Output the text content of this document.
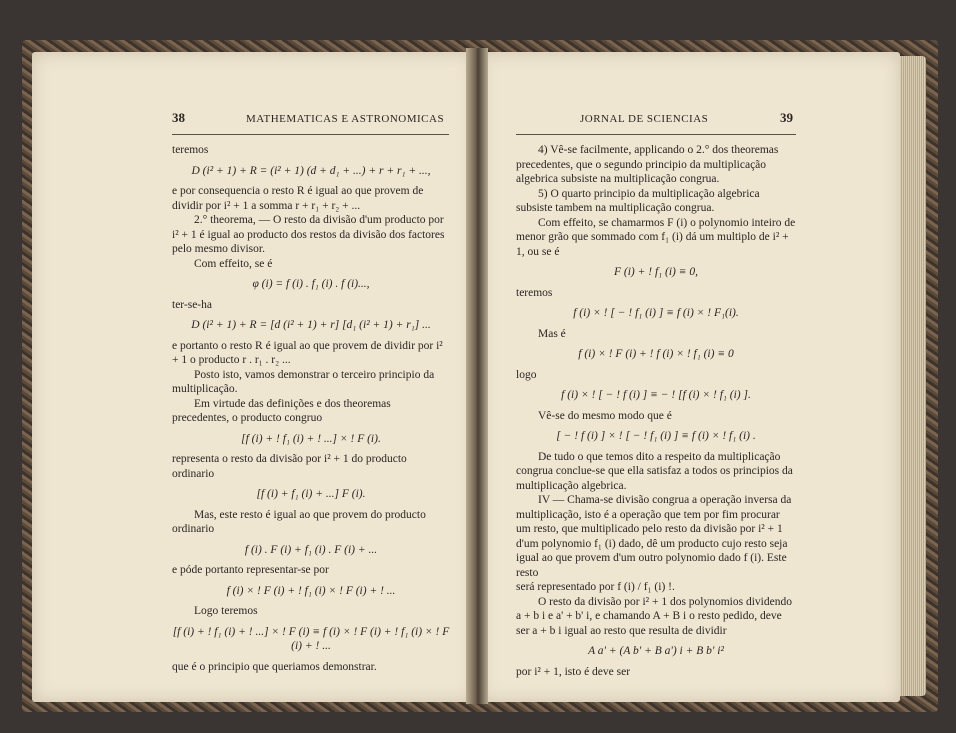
38	MATHEMATICAS E ASTRONOMICAS

teremos

D (i² + 1) + R = (i² + 1) (d + d₁ + ...) + r + r₁ + ...,

e por consequencia o resto R é igual ao que provem de dividir por i² + 1 a somma r + r₁ + r₂ + ...

2.° theorema, — O resto da divisão d'um producto por i² + 1 é igual ao producto dos restos da divisão dos factores pelo mesmo divisor.

Com effeito, se é

φ (i) = f (i) . f₁ (i) . f (i)...,

ter-se-ha

D (i² + 1) + R = [d (i² + 1) + r] [d₁ (i² + 1) + r₁] ...

e portanto o resto R é igual ao que provem de dividir por i² + 1 o producto r . r₁ . r₂ ...

Posto isto, vamos demonstrar o terceiro principio da multiplicação.

Em virtude das definições e dos theoremas precedentes, o producto congruo

[f (i) + ! f₁ (i) + ! ...] × ! F (i).

representa o resto da divisão por i² + 1 do producto ordinario

[f (i) + f₁ (i) + ...] F (i).

Mas, este resto é igual ao que provem do producto ordinario

f (i) . F (i) + f₁ (i) . F (i) + ...

e póde portanto representar-se por

f (i) × ! F (i) + ! f₁ (i) × ! F (i) + ! ...

Logo teremos

[f (i) + ! f₁ (i) + ! ...] × ! F (i) ≡ f (i) × ! F (i) + ! f₁ (i) × ! F (i) + ! ...

que é o principio que queriamos demonstrar.

JORNAL DE SCIENCIAS	39

4) Vê-se facilmente, applicando o 2.° dos theoremas precedentes, que o segundo principio da multiplicação algebrica subsiste na multiplicação congrua.

5) O quarto principio da multiplicação algebrica subsiste tambem na multiplicação congrua.

Com effeito, se chamarmos F (i) o polynomio inteiro de menor grão que sommado com f₁ (i) dá um multiplo de i² + 1, ou se é

F (i) + ! f₁ (i) ≡ 0,

teremos

f (i) × ! [ − ! f₁ (i) ] ≡ f (i) × ! F₁(i).

Mas é

f (i) × ! F (i) + ! f (i) × ! f₁ (i) ≡ 0

logo

f (i) × ! [ − ! f (i) ] ≡ − ! [f (i) × ! f₁ (i) ].

Vê-se do mesmo modo que é

[ − ! f (i) ] × ! [ − ! f₁ (i) ] ≡ f (i) × ! f₁ (i) .

De tudo o que temos dito a respeito da multiplicação congrua conclue-se que ella satisfaz a todos os principios da multiplicação algebrica.

IV — Chama-se divisão congrua a operação inversa da multiplicação, isto é a operação que tem por fim procurar um resto, que multiplicado pelo resto da divisão por i² + 1 d'um polynomio f₁ (i) dado, dê um producto cujo resto seja igual ao que provem d'um outro polynomio dado f (i). Este resto

será representado por f (i) / f₁ (i) !.

O resto da divisão por i² + 1 dos polynomios dividendo a + b i e a' + b' i, e chamando A + B i o resto pedido, deve ser a + b i igual ao resto que resulta de dividir

A a' + (A b' + B a') i + B b' i²

por i² + 1, isto é deve ser
